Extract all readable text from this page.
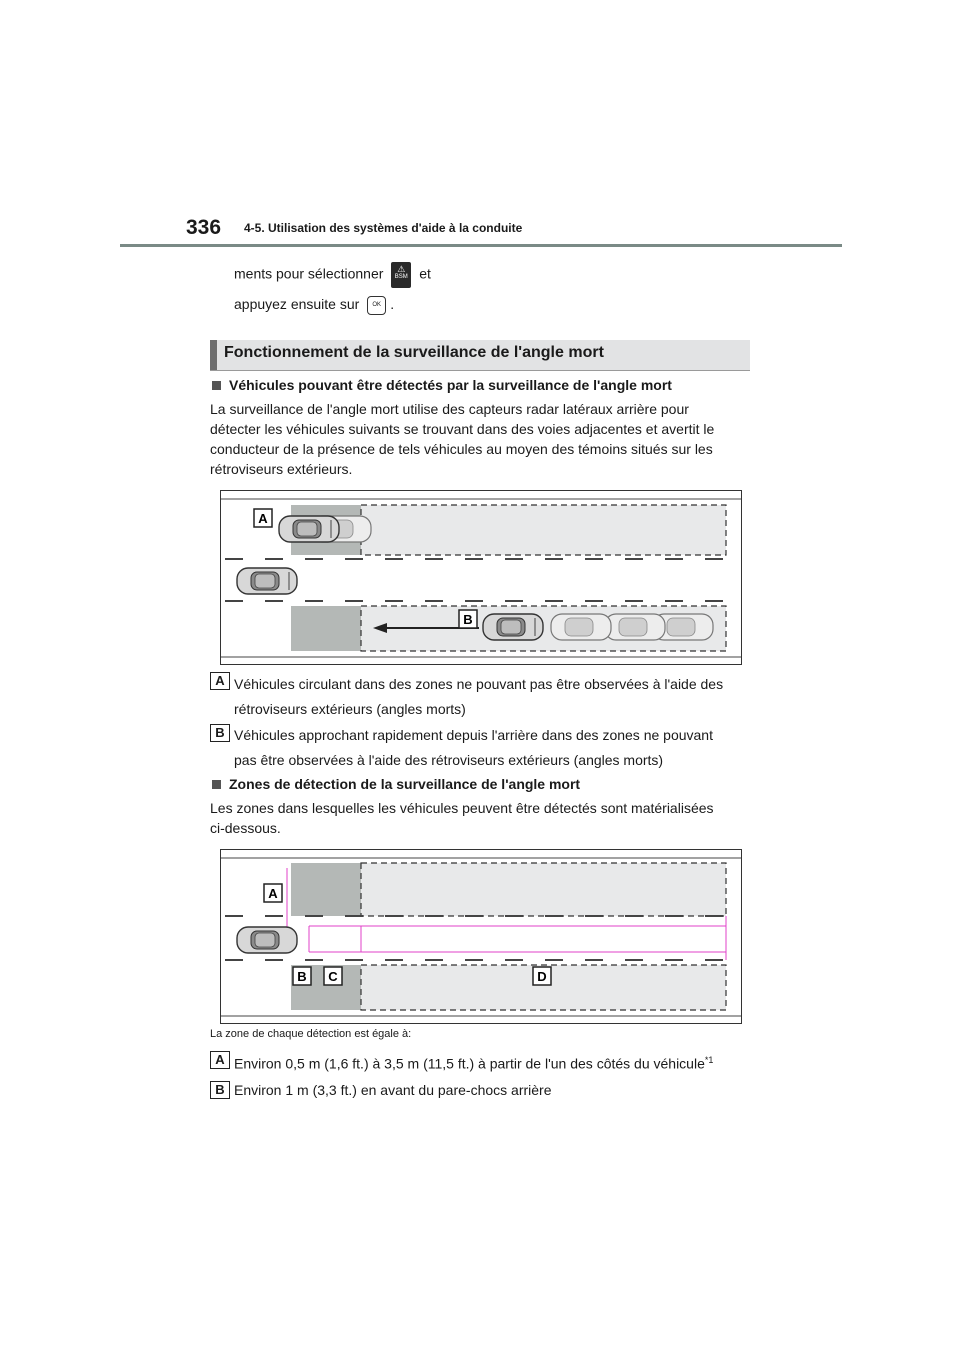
336 4-5. Utilisation des systèmes d'aide à la conduite
ments pour sélectionner	⚠
BSM et
appuyez ensuite sur OK .
Fonctionnement de la surveillance de l'angle mort
Véhicules pouvant être détectés par la surveillance de l'angle mort
La surveillance de l'angle mort utilise des capteurs radar latéraux arrière pour
détecter les véhicules suivants se trouvant dans des voies adjacentes et avertit le
conducteur de la présence de tels véhicules au moyen des témoins situés sur les
rétroviseurs extérieurs.
A
B
A Véhicules circulant dans des zones ne pouvant pas être observées à l'aide des
rétroviseurs extérieurs (angles morts)
B Véhicules approchant rapidement depuis l'arrière dans des zones ne pouvant
pas être observées à l'aide des rétroviseurs extérieurs (angles morts)
Zones de détection de la surveillance de l'angle mort
Les zones dans lesquelles les véhicules peuvent être détectés sont matérialisées
ci-dessous.
A
B C	D
La zone de chaque détection est égale à:
A Environ 0,5 m (1,6 ft.) à 3,5 m (11,5 ft.) à partir de l'un des côtés du véhicule$^{*1}$
B Environ 1 m (3,3 ft.) en avant du pare-chocs arrière
